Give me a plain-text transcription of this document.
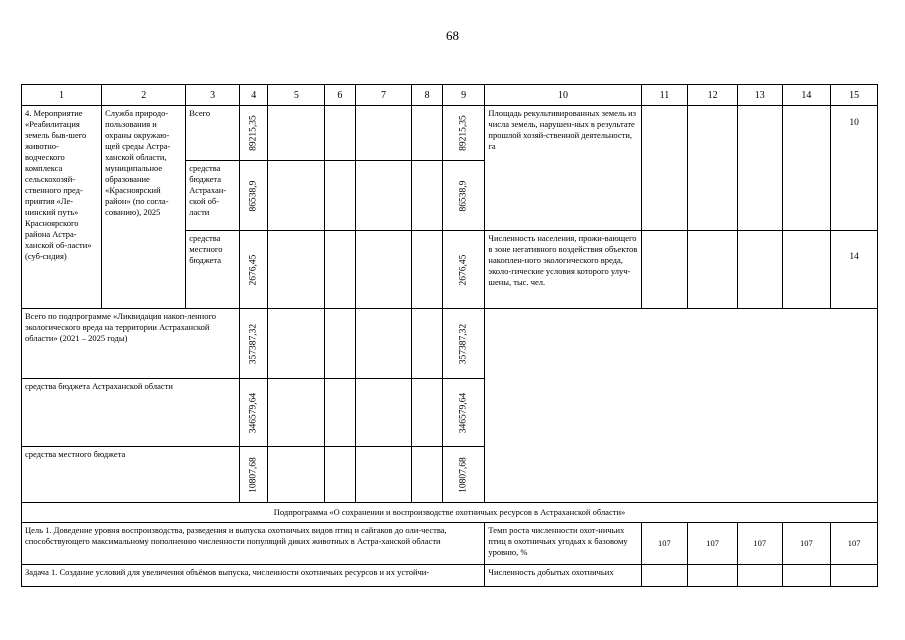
68
1	2	3	4	5	6	7	8	9	10	11	12	13	14	15
4. Мероприятие «Реабилитация земель быв-шего животно-водческого комплекса сельскохозяй-ственного пред-приятия «Ле-нинский путь» Красноярского района Астра-ханской об-ласти» (суб-сидия)	Служба природо-пользования и охраны окружаю-щей среды Астра-ханской области, муниципальное образование «Красноярский район» (по согла-сованию), 2025	Всего	89215,35					89215,35	Площадь рекультивированных земель из числа земель, нарушен-ных в результате прошлой хозяй-ственной деятельности, га					10

		средства бюджета Астрахан-ской об-ласти	86538,9					86538,9						

		средства местного бюджета	2676,45					2676,45	Численность населения, прожи-вающего в зоне негативного воздействия объектов накоплен-ного экологического вреда, эколо-гические условия которого улуч-шены, тыс. чел.					14

Всего по подпрограмме «Ликвидация накоп-ленного экологического вреда на территории Астраханской области» (2021 – 2025 годы)			357387,32					357387,32						

средства бюджета Астраханской области			346579,64					346579,64						

средства местного бюджета			10807,68					10807,68						

Подпрограмма «О сохранении и воспроизводстве охотничьих ресурсов в Астраханской области»														
Цель 1. Доведение уровня воспроизводства, разведения и выпуска охотничьих видов птиц и сайгаков до оли-чества, способствующего максимальному пополнению численности популяций диких животных в Астра-ханской области									Темп роста численности охот-ничьих птиц в охотничьих угодьях к базовому уровню, %	107	107	107	107	107
Задача 1. Создание условий для увеличения объёмов выпуска, численности охотничьих ресурсов и их устойчи-									Численность добытых охотничьих					
